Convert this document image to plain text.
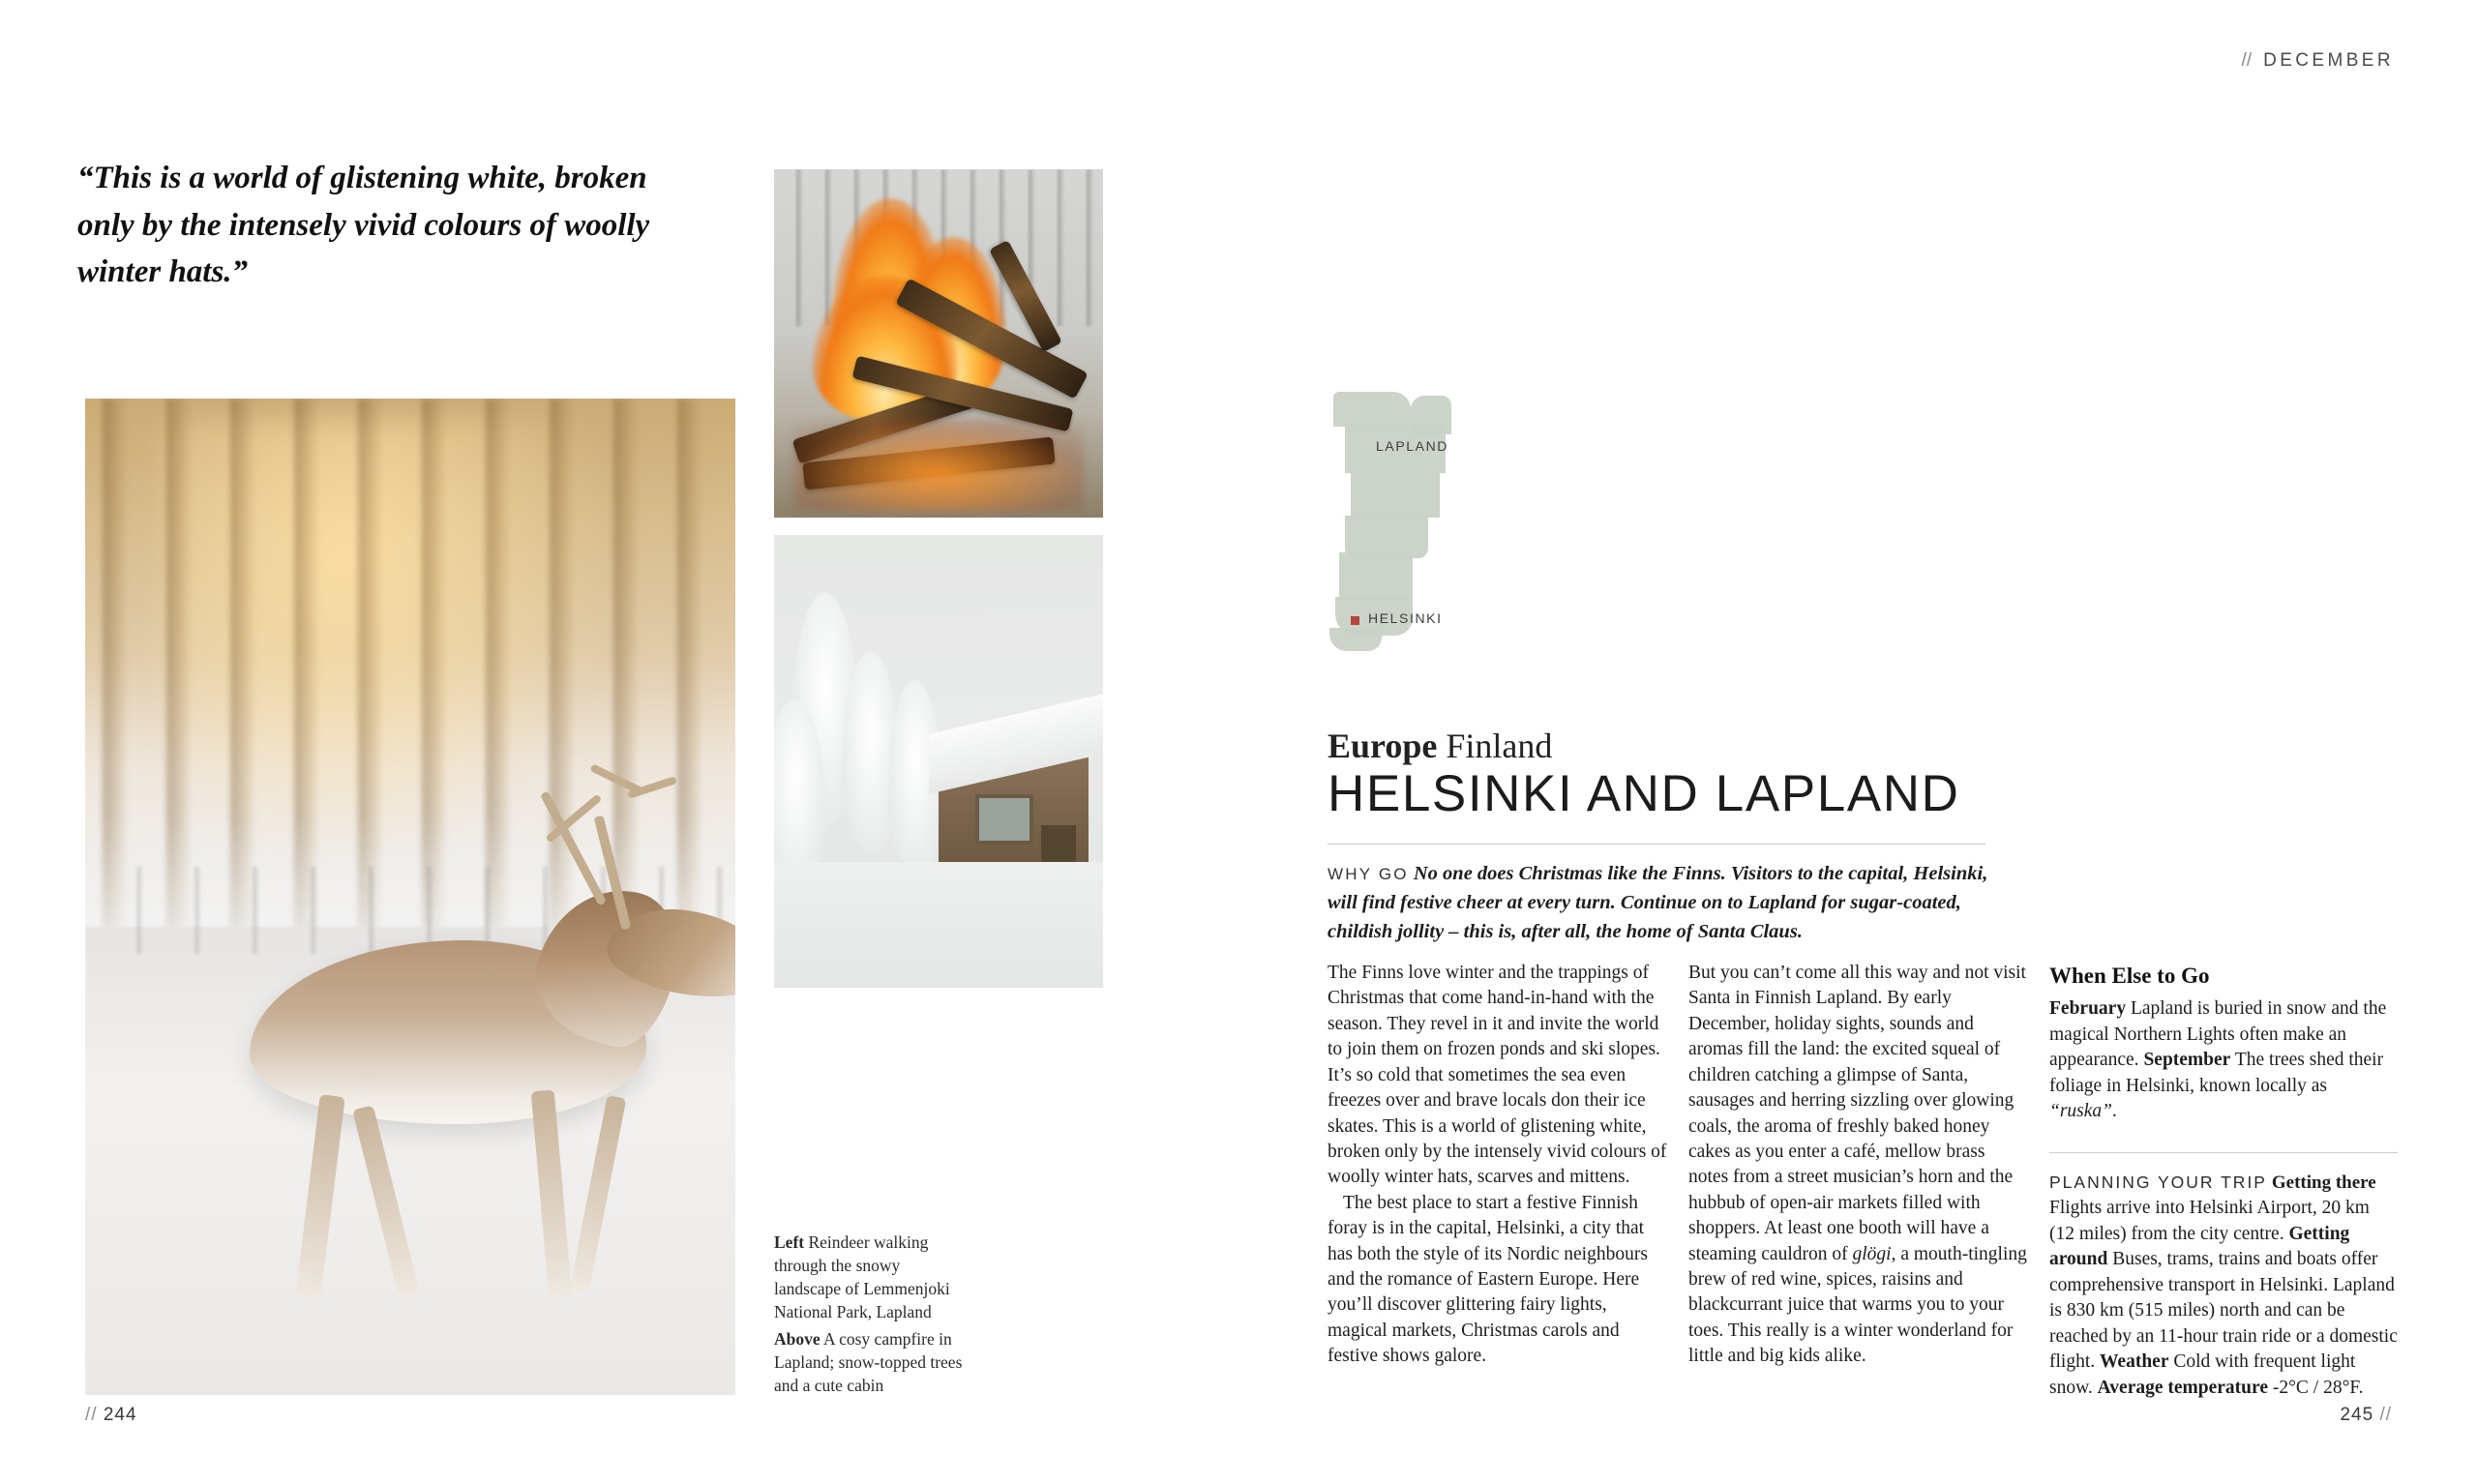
// DECEMBER
“This is a world of glistening white, broken only by the intensely vivid colours of woolly winter hats.”
Left Reindeer walking through the snowy landscape of Lemmenjoki National Park, Lapland
Above A cosy campfire in Lapland; snow-topped trees and a cute cabin
LAPLAND
HELSINKI
Europe Finland
HELSINKI AND LAPLAND
WHY GO No one does Christmas like the Finns. Visitors to the capital, Helsinki, will find festive cheer at every turn. Continue on to Lapland for sugar-coated, childish jollity – this is, after all, the home of Santa Claus.

The Finns love winter and the trappings of Christmas that come hand-in-hand with the season. They revel in it and invite the world to join them on frozen ponds and ski slopes. It’s so cold that sometimes the sea even freezes over and brave locals don their ice skates. This is a world of glistening white, broken only by the intensely vivid colours of woolly winter hats, scarves and mittens.

The best place to start a festive Finnish foray is in the capital, Helsinki, a city that has both the style of its Nordic neighbours and the romance of Eastern Europe. Here you’ll discover glittering fairy lights, magical markets, Christmas carols and festive shows galore.

But you can’t come all this way and not visit Santa in Finnish Lapland. By early December, holiday sights, sounds and aromas fill the land: the excited squeal of children catching a glimpse of Santa, sausages and herring sizzling over glowing coals, the aroma of freshly baked honey cakes as you enter a café, mellow brass notes from a street musician’s horn and the hubbub of open-air markets filled with shoppers. At least one booth will have a steaming cauldron of glögi, a mouth-tingling brew of red wine, spices, raisins and blackcurrant juice that warms you to your toes. This really is a winter wonderland for little and big kids alike.

When Else to Go
February Lapland is buried in snow and the magical Northern Lights often make an appearance. September The trees shed their foliage in Helsinki, known locally as “ruska”.
PLANNING YOUR TRIP Getting there
Flights arrive into Helsinki Airport, 20 km (12 miles) from the city centre. Getting around Buses, trams, trains and boats offer comprehensive transport in Helsinki. Lapland is 830 km (515 miles) north and can be reached by an 11-hour train ride or a domestic flight. Weather Cold with frequent light snow. Average temperature -2°C / 28°F.
// 244	245 //
